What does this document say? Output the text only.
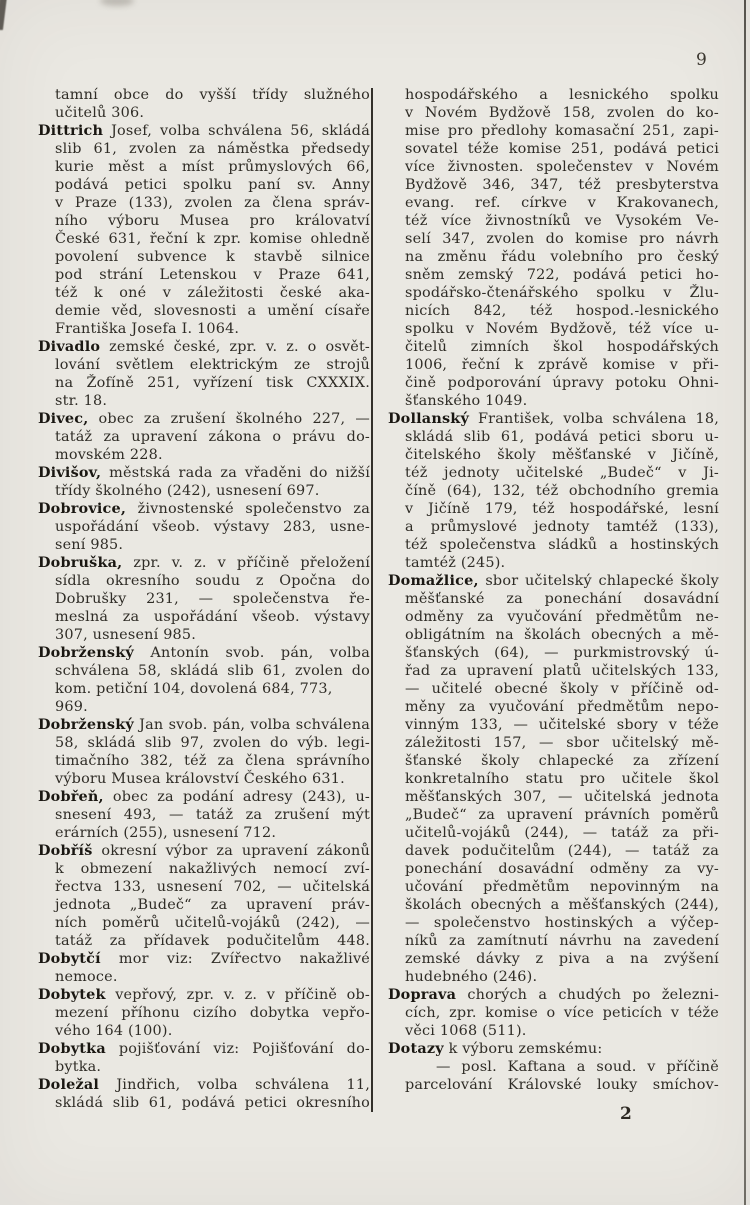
9
tamní obce do vyšší třídy služného
učitelů 306.
Dittrich Josef, volba schválena 56, skládá
slib 61, zvolen za náměstka předsedy
kurie měst a míst průmyslových 66,
podává petici spolku paní sv. Anny
v Praze (133), zvolen za člena správ-
ního výboru Musea pro královatví
České 631, řeční k zpr. komise ohledně
povolení subvence k stavbě silnice
pod strání Letenskou v Praze 641,
též k oné v záležitosti české aka-
demie věd, slovesnosti a umění císaře
Františka Josefa I. 1064.
Divadlo zemské české, zpr. v. z. o osvět-
lování světlem elektrickým ze strojů
na Žofíně 251, vyřízení tisk CXXXIX.
str. 18.
Divec, obec za zrušení školného 227, —
tatáž za upravení zákona o právu do-
movském 228.
Divišov, městská rada za vřaděni do nižší
třídy školného (242), usnesení 697.
Dobrovice, živnostenské společenstvo za
uspořádání všeob. výstavy 283, usne-
sení 985.
Dobruška, zpr. v. z. v příčině přeložení
sídla okresního soudu z Opočna do
Dobrušky 231, — společenstva ře-
meslná za uspořádání všeob. výstavy
307, usnesení 985.
Dobrženský Antonín svob. pán, volba
schválena 58, skládá slib 61, zvolen do
kom. petiční 104, dovolená 684, 773, 969.
Dobrženský Jan svob. pán, volba schválena
58, skládá slib 97, zvolen do výb. legi-
timačního 382, též za člena správního
výboru Musea království Českého 631.
Dobřeň, obec za podání adresy (243), u-
snesení 493, — tatáž za zrušení mýt
erárních (255), usnesení 712.
Dobříš okresní výbor za upravení zákonů
k obmezení nakažlivých nemocí zví-
řectva 133, usnesení 702, — učitelská
jednota „Budeč“ za upravení práv-
ních poměrů učitelů-vojáků (242), —
tatáž za přídavek podučitelům 448.
Dobytčí mor viz: Zvířectvo nakažlivé
nemoce.
Dobytek vepřový, zpr. v. z. v příčině ob-
mezení příhonu cizího dobytka vepřo-
vého 164 (100).
Dobytka pojišťování viz: Pojišťování do-
bytka.
Doležal Jindřich, volba schválena 11,
skládá slib 61, podává petici okresního
hospodářského a lesnického spolku
v Novém Bydžově 158, zvolen do ko-
mise pro předlohy komasační 251, zapi-
sovatel téže komise 251, podává petici
více živnosten. společenstev v Novém
Bydžově 346, 347, též presbyterstva
evang. ref. církve v Krakovanech,
též více živnostníků ve Vysokém Ve-
selí 347, zvolen do komise pro návrh
na změnu řádu volebního pro český
sněm zemský 722, podává petici ho-
spodářsko-čtenářského spolku v Žlu-
nicích 842, též hospod.-lesnického
spolku v Novém Bydžově, též více u-
čitelů zimních škol hospodářských
1006, řeční k zprávě komise v při-
čině podporování úpravy potoku Ohni-
šťanského 1049.
Dollanský František, volba schválena 18,
skládá slib 61, podává petici sboru u-
čitelského školy měšťanské v Jičíně,
též jednoty učitelské „Budeč“ v Ji-
číně (64), 132, též obchodního gremia
v Jičíně 179, též hospodářské, lesní
a průmyslové jednoty tamtéž (133),
též společenstva sládků a hostinských
tamtéž (245).
Domažlice, sbor učitelský chlapecké školy
měšťanské za ponechání dosavádní
odměny za vyučování předmětům ne-
obligátním na školách obecných a mě-
šťanských (64), — purkmistrovský ú-
řad za upravení platů učitelských 133,
— učitelé obecné školy v příčině od-
měny za vyučování předmětům nepo-
vinným 133, — učitelské sbory v téže
záležitosti 157, — sbor učitelský mě-
šťanské školy chlapecké za zřízení
konkretalního statu pro učitele škol
měšťanských 307, — učitelská jednota
„Budeč“ za upravení právních poměrů
učitelů-vojáků (244), — tatáž za při-
davek podučitelům (244), — tatáž za
ponechání dosavádní odměny za vy-
učování předmětům nepovinným na
školách obecných a měšťanských (244),
— společenstvo hostinských a výčep-
níků za zamítnutí návrhu na zavedení
zemské dávky z piva a na zvýšení
hudebného (246).
Doprava chorých a chudých po železni-
cích, zpr. komise o více peticích v téže
věci 1068 (511).
Dotazy k výboru zemskému:
— posl. Kaftana a soud. v příčině
parcelování Královské louky smíchov-
2
